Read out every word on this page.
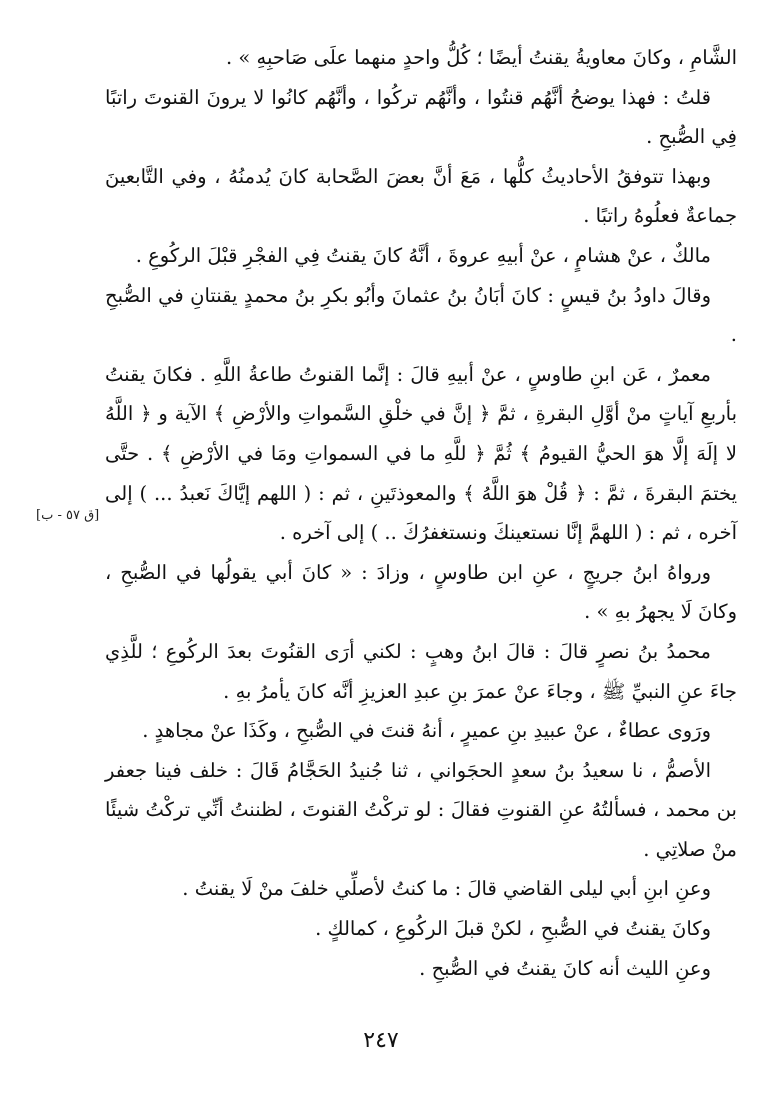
الشَّامِ ، وكانَ معاويةُ يقنتُ أيضًا ؛ كُلُّ واحدٍ منهما علَى صَاحبِهِ » .

قلتُ : فهذا يوضحُ أنَّهُم قنتُوا ، وأنَّهُم تركُوا ، وأنَّهُم كانُوا لا يرونَ القنوتَ راتبًا فِي الصُّبحِ .

وبهذا تتوفقُ الأحاديثُ كلُّها ، مَعَ أنَّ بعضَ الصَّحابة كانَ يُدمنُهُ ، وفي التَّابعينَ جماعةٌ فعلُوهُ راتبًا .

مالكٌ ، عنْ هشامٍ ، عنْ أبيهِ عروةَ ، أنَّهُ كانَ يقنتُ فِي الفجْرِ قبْلَ الركُوعِ .

وقالَ داودُ بنُ قيسٍ : كانَ أبَانُ بنُ عثمانَ وأبُو بكرِ بنُ محمدٍ يقنتانِ في الصُّبحِ .

معمرٌ ، عَن ابنِ طاوسٍ ، عنْ أبيهِ قالَ : إنَّما القنوتُ طاعةُ اللَّهِ . فكانَ يقنتُ بأربعِ آياتٍ منْ أوَّلِ البقرةِ ، ثمَّ ﴿ إنَّ في خلْقِ السَّمواتِ والأرْضِ ﴾ الآية و ﴿ اللَّهُ لا إلَهَ إلَّا هوَ الحيُّ القيومُ ﴾ ثُمَّ ﴿ للَّهِ ما في السمواتِ ومَا في الأرْضِ ﴾ . حتَّى يختمَ البقرةَ ، ثمَّ : ﴿ قُلْ هوَ اللَّهُ ﴾ والمعوذتَينِ ، ثم : ( اللهم إيَّاكَ نَعبدُ ... ) إلى آخره ، ثم : ( اللهمَّ إنَّا نستعينكَ ونستغفرُكَ .. ) إلى آخره .

ورواهُ ابنُ جريجٍ ، عنِ ابن طاوسٍ ، وزادَ : « كانَ أبي يقولُها في الصُّبحِ ، وكانَ لَا يجهرُ بهِ » .

محمدُ بنُ نصرٍ قالَ : قالَ ابنُ وهبٍ : لكني أرَى القنُوتَ بعدَ الركُوعِ ؛ للَّذِي جاءَ عنِ النبيِّ ﷺ ، وجاءَ عنْ عمرَ بنِ عبدِ العزيزِ أنَّه كانَ يأمرُ بهِ .

ورَوى عطاءٌ ، عنْ عبيدِ بنِ عميرٍ ، أنهُ قنتَ في الصُّبحِ ، وكَذَا عنْ مجاهدٍ .

الأصمُّ ، نا سعيدُ بنُ سعدٍ الحجَواني ، ثنا جُنيدُ الحَجَّامُ قَالَ : خلف فينا جعفر بن محمد ، فسألتُهُ عنِ القنوتِ فقالَ : لو تركْتُ القنوتَ ، لظننتُ أنِّي تركْتُ شيئًا منْ صلاتِي .

وعنِ ابنِ أبي ليلى القاضي قالَ : ما كنتُ لأصلِّي خلفَ منْ لَا يقنتُ .

وكانَ يقنتُ في الصُّبحِ ، لكنْ قبلَ الركُوعِ ، كمالكٍ .

وعنِ الليث أنه كانَ يقنتُ في الصُّبحِ .

[ق ٥٧ - ب]
٢٤٧
